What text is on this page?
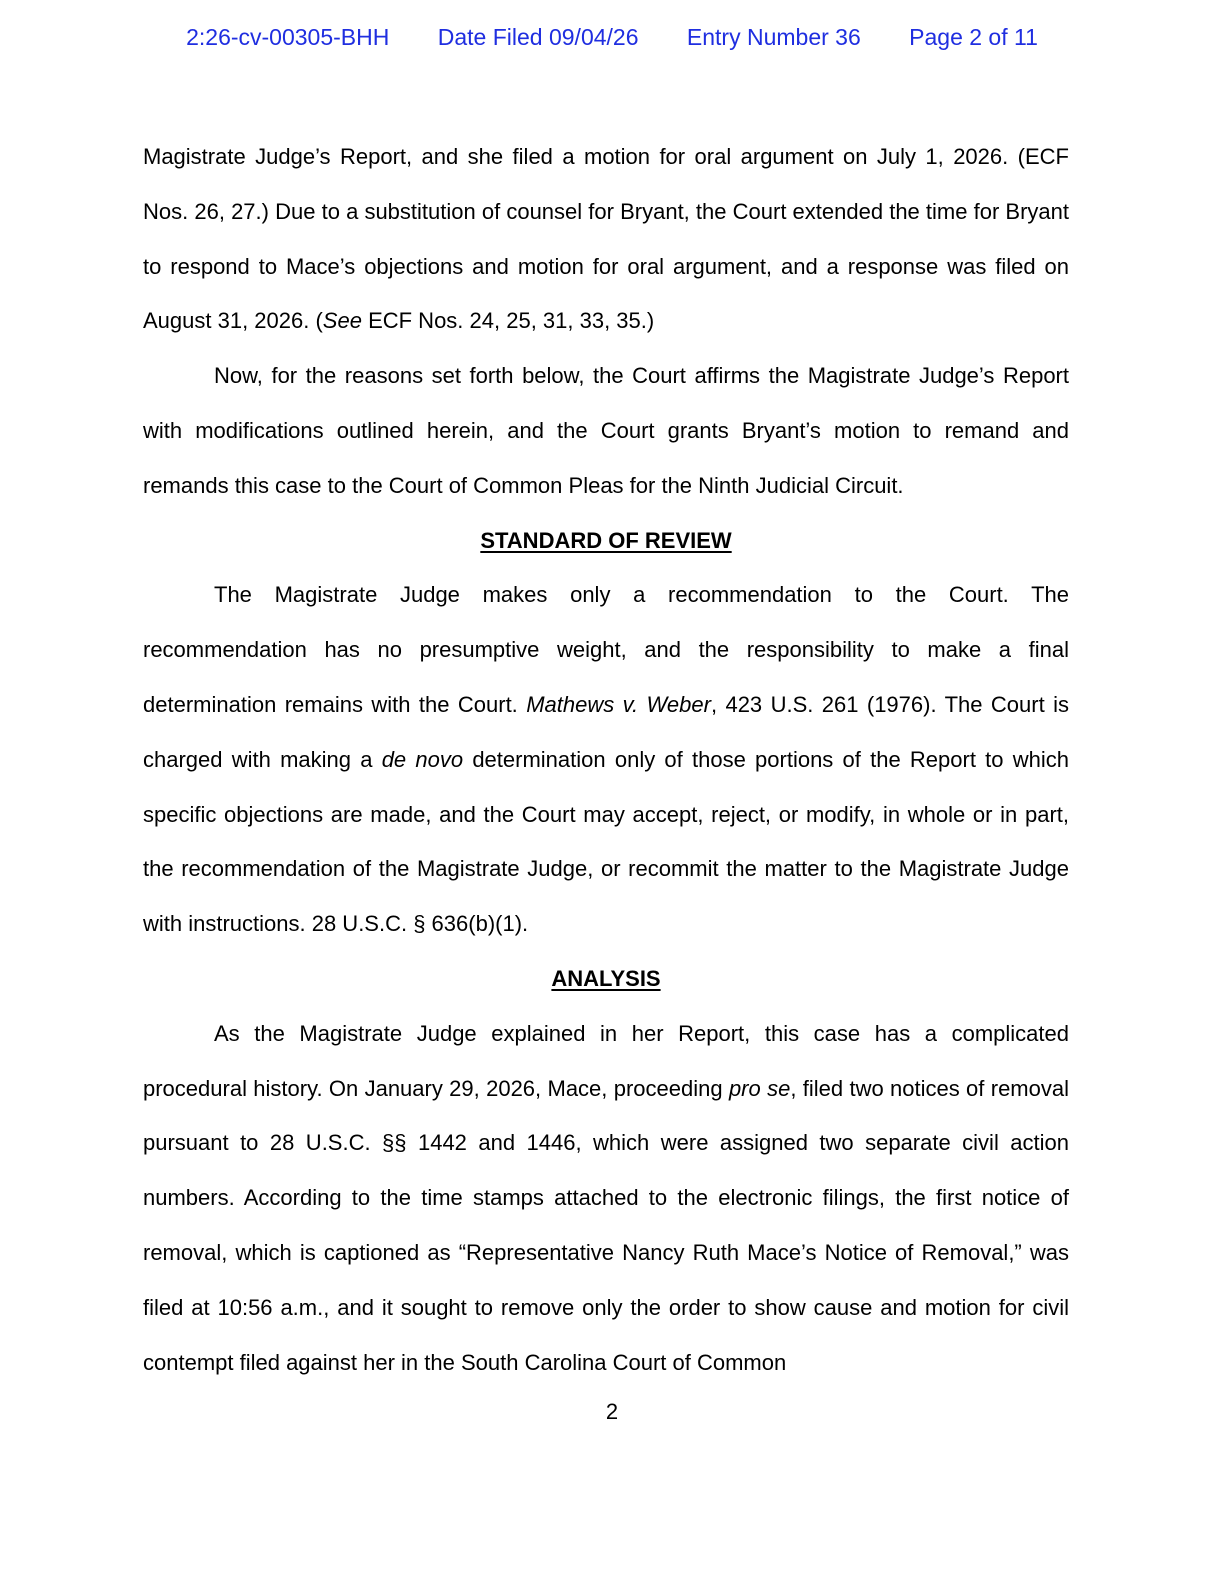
2:26-cv-00305-BHH Date Filed 09/04/26 Entry Number 36 Page 2 of 11

Magistrate Judge’s Report, and she filed a motion for oral argument on July 1, 2026. (ECF Nos. 26, 27.) Due to a substitution of counsel for Bryant, the Court extended the time for Bryant to respond to Mace’s objections and motion for oral argument, and a response was filed on August 31, 2026. (See ECF Nos. 24, 25, 31, 33, 35.)

Now, for the reasons set forth below, the Court affirms the Magistrate Judge’s Report with modifications outlined herein, and the Court grants Bryant’s motion to remand and remands this case to the Court of Common Pleas for the Ninth Judicial Circuit.

STANDARD OF REVIEW

The Magistrate Judge makes only a recommendation to the Court. The recommendation has no presumptive weight, and the responsibility to make a final determination remains with the Court. Mathews v. Weber, 423 U.S. 261 (1976). The Court is charged with making a de novo determination only of those portions of the Report to which specific objections are made, and the Court may accept, reject, or modify, in whole or in part, the recommendation of the Magistrate Judge, or recommit the matter to the Magistrate Judge with instructions. 28 U.S.C. § 636(b)(1).

ANALYSIS

As the Magistrate Judge explained in her Report, this case has a complicated procedural history. On January 29, 2026, Mace, proceeding pro se, filed two notices of removal pursuant to 28 U.S.C. §§ 1442 and 1446, which were assigned two separate civil action numbers. According to the time stamps attached to the electronic filings, the first notice of removal, which is captioned as “Representative Nancy Ruth Mace’s Notice of Removal,” was filed at 10:56 a.m., and it sought to remove only the order to show cause and motion for civil contempt filed against her in the South Carolina Court of Common

2
